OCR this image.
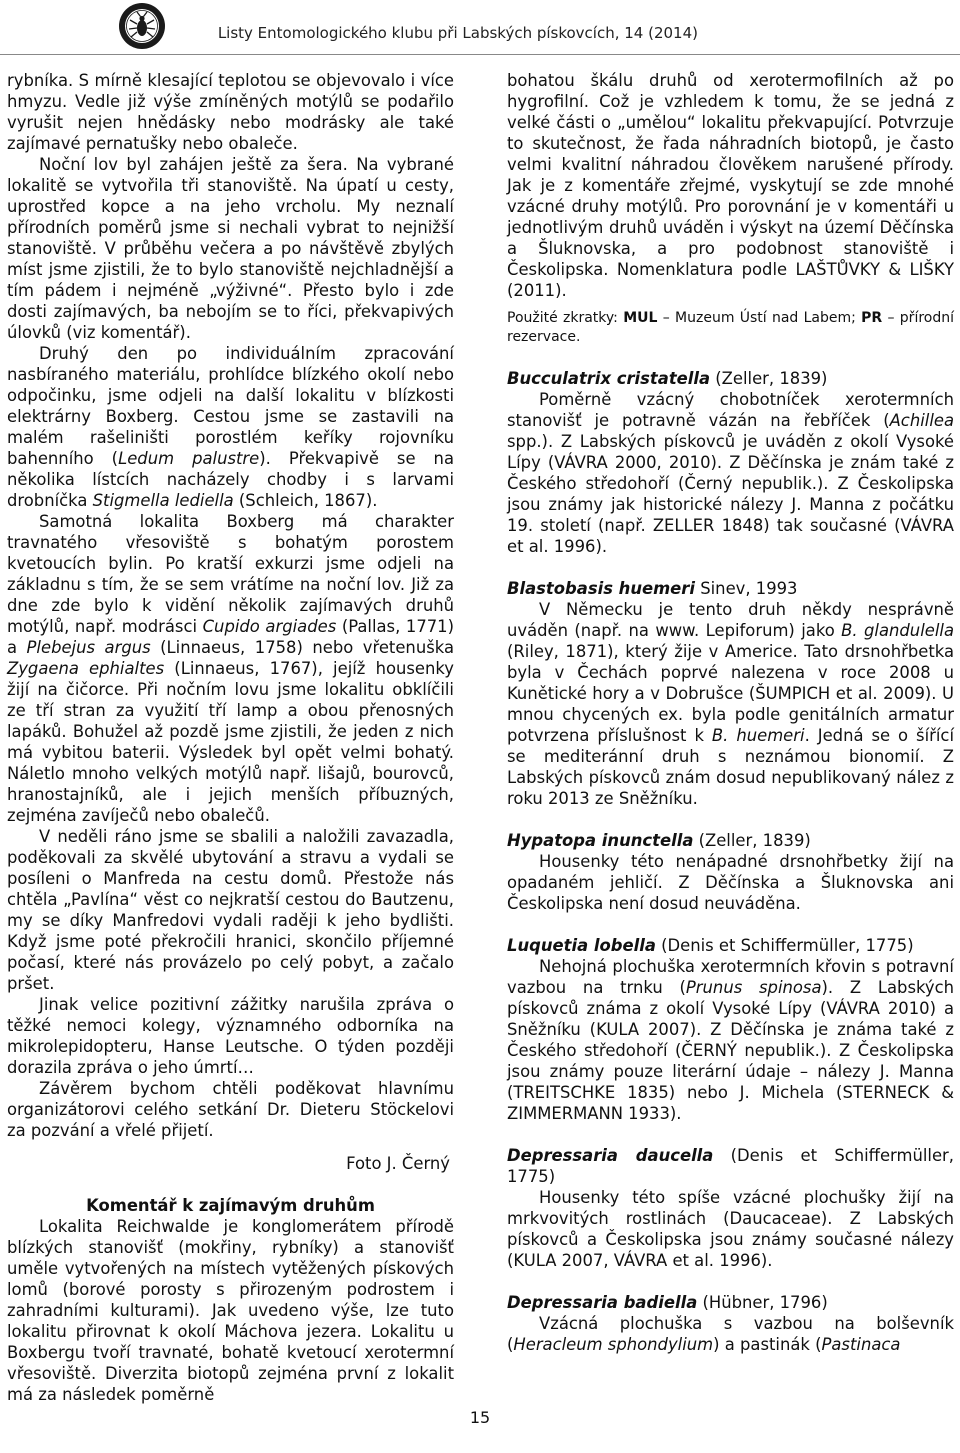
Listy Entomologického klubu při Labských pískovcích, 14 (2014)

rybníka. S mírně klesající teplotou se objevovalo i více hmyzu. Vedle již výše zmíněných motýlů se podařilo vyrušit nejen hnědásky nebo modrásky ale také zajímavé pernatušky nebo obaleče.

Noční lov byl zahájen ještě za šera. Na vybrané lokalitě se vytvořila tři stanoviště. Na úpatí u cesty, uprostřed kopce a na jeho vrcholu. My neznalí přírodních poměrů jsme si nechali vybrat to nejnižší stanoviště. V průběhu večera a po návštěvě zbylých míst jsme zjistili, že to bylo stanoviště nejchladnější a tím pádem i nejméně „výživné“. Přesto bylo i zde dosti zajímavých, ba nebojím se to říci, překvapivých úlovků (viz komentář).

Druhý den po individuálním zpracování nasbíraného materiálu, prohlídce blízkého okolí nebo odpočinku, jsme odjeli na další lokalitu v blízkosti elektrárny Boxberg. Cestou jsme se zastavili na malém rašeliništi porostlém keříky rojovníku bahenního (Ledum palustre). Překvapivě se na několika lístcích nacházely chodby i s larvami drobníčka Stigmella lediella (Schleich, 1867).

Samotná lokalita Boxberg má charakter travnatého vřesoviště s bohatým porostem kvetoucích bylin. Po kratší exkurzi jsme odjeli na základnu s tím, že se sem vrátíme na noční lov. Již za dne zde bylo k vidění několik zajímavých druhů motýlů, např. modrásci Cupido argiades (Pallas, 1771) a Plebejus argus (Linnaeus, 1758) nebo vřetenuška Zygaena ephialtes (Linnaeus, 1767), jejíž housenky žijí na čičorce. Při nočním lovu jsme lokalitu obklíčili ze tří stran za využití tří lamp a obou přenosných lapáků. Bohužel až pozdě jsme zjistili, že jeden z nich má vybitou baterii. Výsledek byl opět velmi bohatý. Náletlo mnoho velkých motýlů např. lišajů, bourovců, hranostajníků, ale i jejich menších příbuzných, zejména zavíječů nebo obalečů.

V neděli ráno jsme se sbalili a naložili zavazadla, poděkovali za skvělé ubytování a stravu a vydali se posíleni o Manfreda na cestu domů. Přestože nás chtěla „Pavlína“ věst co nejkratší cestou do Bautzenu, my se díky Manfredovi vydali raději k jeho bydlišti. Když jsme poté překročili hranici, skončilo příjemné počasí, které nás provázelo po celý pobyt, a začalo pršet.

Jinak velice pozitivní zážitky narušila zpráva o těžké nemoci kolegy, významného odborníka na mikrolepidopteru, Hanse Leutsche. O týden později dorazila zpráva o jeho úmrtí…

Závěrem bychom chtěli poděkovat hlavnímu organizátorovi celého setkání Dr. Dieteru Stöckelovi za pozvání a vřelé přijetí.

Foto J. Černý

Komentář k zajímavým druhům

Lokalita Reichwalde je konglomerátem přírodě blízkých stanovišť (mokřiny, rybníky) a stanovišť uměle vytvořených na místech vytěžených pískových lomů (borové porosty s přirozeným podrostem i zahradními kulturami). Jak uvedeno výše, lze tuto lokalitu přirovnat k okolí Máchova jezera. Lokalitu u Boxbergu tvoří travnaté, bohatě kvetoucí xerotermní vřesoviště. Diverzita biotopů zejména první z lokalit má za následek poměrně

bohatou škálu druhů od xerotermofilních až po hygrofilní. Což je vzhledem k tomu, že se jedná z velké části o „umělou“ lokalitu překvapující. Potvrzuje to skutečnost, že řada náhradních biotopů, je často velmi kvalitní náhradou člověkem narušené přírody. Jak je z komentáře zřejmé, vyskytují se zde mnohé vzácné druhy motýlů. Pro porovnání je v komentáři u jednotlivým druhů uváděn i výskyt na území Děčínska a Šluknovska, a pro podobnost stanoviště i Českolipska. Nomenklatura podle LAŠTŮVKY & LIŠKY (2011).

Použité zkratky: MUL – Muzeum Ústí nad Labem; PR – přírodní rezervace.

Bucculatrix cristatella (Zeller, 1839)

Poměrně vzácný chobotníček xerotermních stanovišť je potravně vázán na řebříček (Achillea spp.). Z Labských pískovců je uváděn z okolí Vysoké Lípy (VÁVRA 2000, 2010). Z Děčínska je znám také z Českého středohoří (Černý nepublik.). Z Českolipska jsou známy jak historické nálezy J. Manna z počátku 19. století (např. ZELLER 1848) tak současné (VÁVRA et al. 1996).

Blastobasis huemeri Sinev, 1993

V Německu je tento druh někdy nesprávně uváděn (např. na www. Lepiforum) jako B. glandulella (Riley, 1871), který žije v Americe. Tato drsnohřbetka byla v Čechách poprvé nalezena v roce 2008 u Kunětické hory a v Dobrušce (ŠUMPICH et al. 2009). U mnou chycených ex. byla podle genitálních armatur potvrzena příslušnost k B. huemeri. Jedná se o šířící se mediteránní druh s neznámou bionomií. Z Labských pískovců znám dosud nepublikovaný nález z roku 2013 ze Sněžníku.

Hypatopa inunctella (Zeller, 1839)

Housenky této nenápadné drsnohřbetky žijí na opadaném jehličí. Z Děčínska a Šluknovska ani Českolipska není dosud neuváděna.

Luquetia lobella (Denis et Schiffermüller, 1775)

Nehojná plochuška xerotermních křovin s potravní vazbou na trnku (Prunus spinosa). Z Labských pískovců známa z okolí Vysoké Lípy (VÁVRA 2010) a Sněžníku (KULA 2007). Z Děčínska je známa také z Českého středohoří (ČERNÝ nepublik.). Z Českolipska jsou známy pouze literární údaje – nálezy J. Manna (TREITSCHKE 1835) nebo J. Michela (STERNECK & ZIMMERMANN 1933).

Depressaria daucella (Denis et Schiffermüller, 1775)

Housenky této spíše vzácné plochušky žijí na mrkvovitých rostlinách (Daucaceae). Z Labských pískovců a Českolipska jsou známy současné nálezy (KULA 2007, VÁVRA et al. 1996).

Depressaria badiella (Hübner, 1796)

Vzácná plochuška s vazbou na bolševník (Heracleum sphondylium) a pastinák (Pastinaca

15
